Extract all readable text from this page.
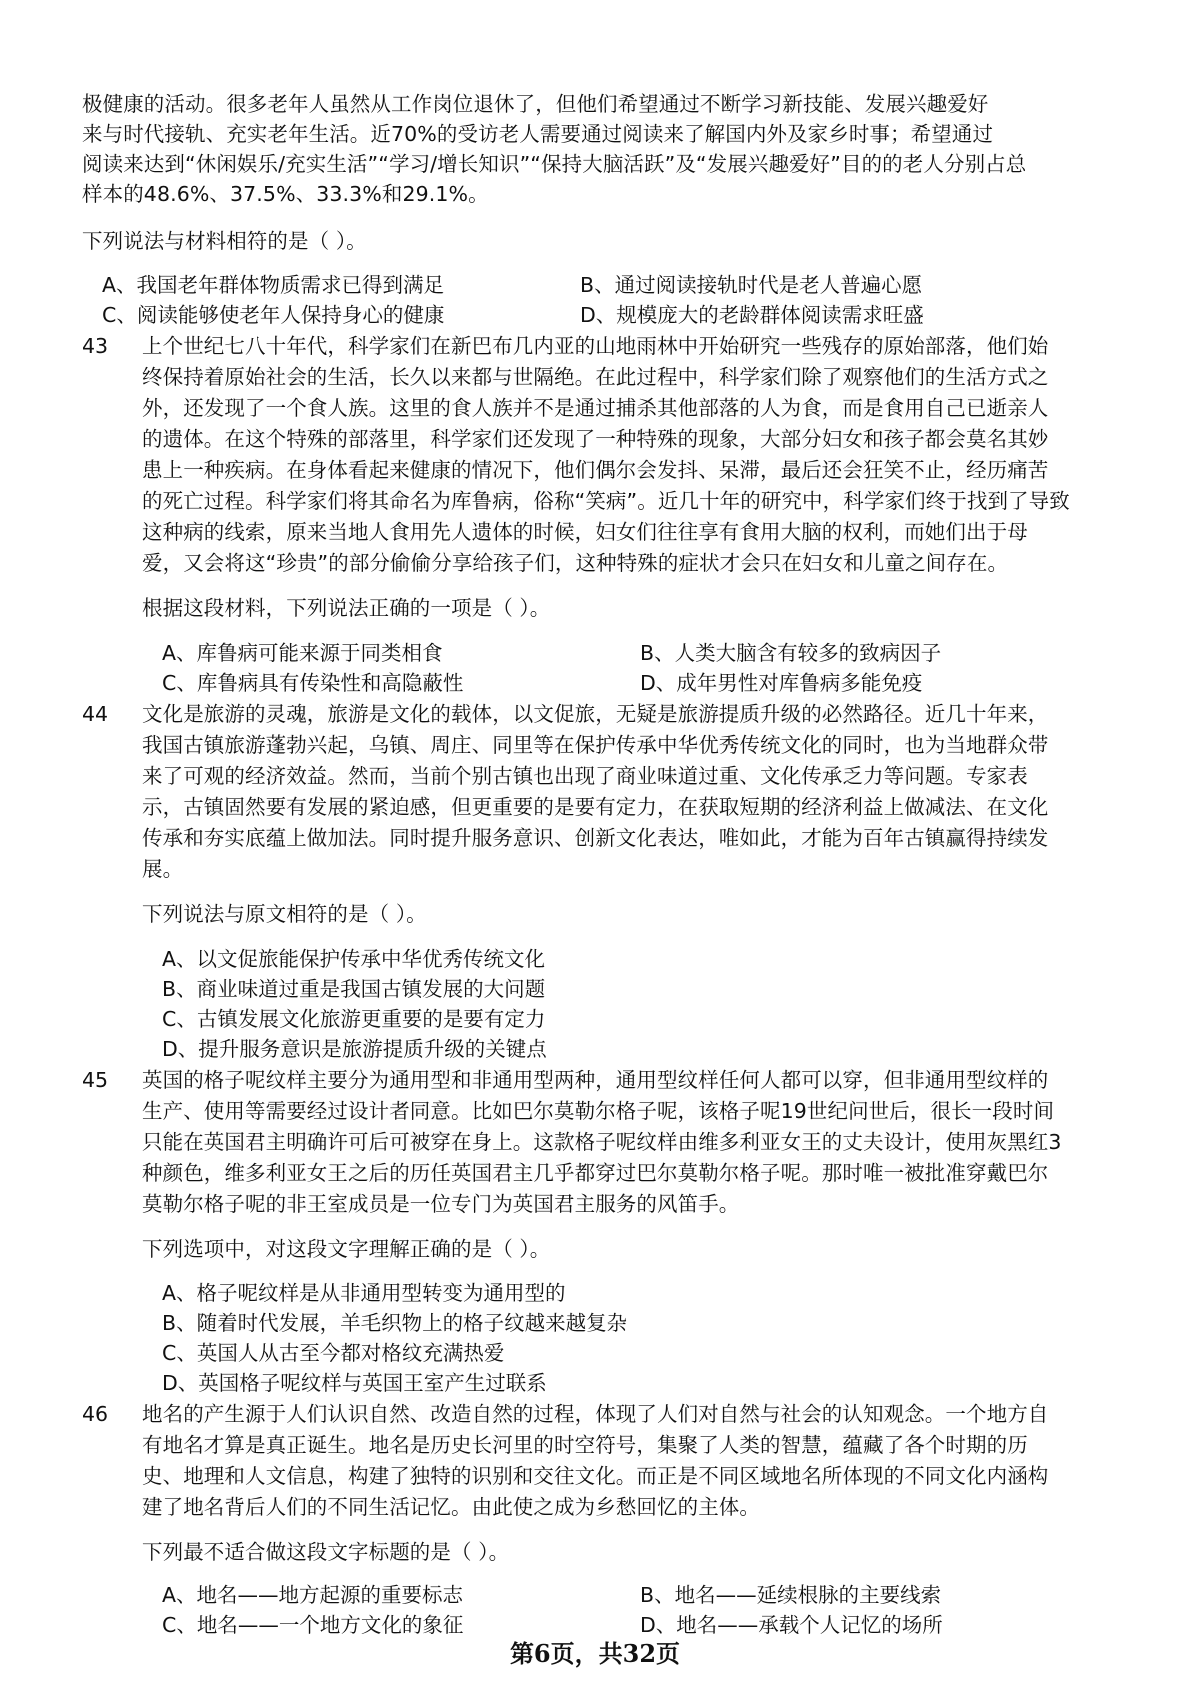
极健康的活动。很多老年人虽然从工作岗位退休了，但他们希望通过不断学习新技能、发展兴趣爱好
来与时代接轨、充实老年生活。近70%的受访老人需要通过阅读来了解国内外及家乡时事；希望通过
阅读来达到“休闲娱乐/充实生活”“学习/增长知识”“保持大脑活跃”及“发展兴趣爱好”目的的老人分别占总
样本的48.6%、37.5%、33.3%和29.1%。
下列说法与材料相符的是（ ）。
A、我国老年群体物质需求已得到满足	B、通过阅读接轨时代是老人普遍心愿
C、阅读能够使老年人保持身心的健康	D、规模庞大的老龄群体阅读需求旺盛
43 上个世纪七八十年代，科学家们在新巴布几内亚的山地雨林中开始研究一些残存的原始部落，他们始
终保持着原始社会的生活，长久以来都与世隔绝。在此过程中，科学家们除了观察他们的生活方式之
外，还发现了一个食人族。这里的食人族并不是通过捕杀其他部落的人为食，而是食用自己已逝亲人
的遗体。在这个特殊的部落里，科学家们还发现了一种特殊的现象，大部分妇女和孩子都会莫名其妙
患上一种疾病。在身体看起来健康的情况下，他们偶尔会发抖、呆滞，最后还会狂笑不止，经历痛苦
的死亡过程。科学家们将其命名为库鲁病，俗称“笑病”。近几十年的研究中，科学家们终于找到了导致
这种病的线索，原来当地人食用先人遗体的时候，妇女们往往享有食用大脑的权利，而她们出于母
爱，又会将这“珍贵”的部分偷偷分享给孩子们，这种特殊的症状才会只在妇女和儿童之间存在。
根据这段材料，下列说法正确的一项是（ ）。
A、库鲁病可能来源于同类相食	B、人类大脑含有较多的致病因子
C、库鲁病具有传染性和高隐蔽性	D、成年男性对库鲁病多能免疫
44 文化是旅游的灵魂，旅游是文化的载体，以文促旅，无疑是旅游提质升级的必然路径。近几十年来，
我国古镇旅游蓬勃兴起，乌镇、周庄、同里等在保护传承中华优秀传统文化的同时，也为当地群众带
来了可观的经济效益。然而，当前个别古镇也出现了商业味道过重、文化传承乏力等问题。专家表
示，古镇固然要有发展的紧迫感，但更重要的是要有定力，在获取短期的经济利益上做减法、在文化
传承和夯实底蕴上做加法。同时提升服务意识、创新文化表达，唯如此，才能为百年古镇赢得持续发
展。
下列说法与原文相符的是（ ）。
A、以文促旅能保护传承中华优秀传统文化
B、商业味道过重是我国古镇发展的大问题
C、古镇发展文化旅游更重要的是要有定力
D、提升服务意识是旅游提质升级的关键点
45 英国的格子呢纹样主要分为通用型和非通用型两种，通用型纹样任何人都可以穿，但非通用型纹样的
生产、使用等需要经过设计者同意。比如巴尔莫勒尔格子呢，该格子呢19世纪问世后，很长一段时间
只能在英国君主明确许可后可被穿在身上。这款格子呢纹样由维多利亚女王的丈夫设计，使用灰黑红3
种颜色，维多利亚女王之后的历任英国君主几乎都穿过巴尔莫勒尔格子呢。那时唯一被批准穿戴巴尔
莫勒尔格子呢的非王室成员是一位专门为英国君主服务的风笛手。
下列选项中，对这段文字理解正确的是（ ）。
A、格子呢纹样是从非通用型转变为通用型的
B、随着时代发展，羊毛织物上的格子纹越来越复杂
C、英国人从古至今都对格纹充满热爱
D、英国格子呢纹样与英国王室产生过联系
46 地名的产生源于人们认识自然、改造自然的过程，体现了人们对自然与社会的认知观念。一个地方自
有地名才算是真正诞生。地名是历史长河里的时空符号，集聚了人类的智慧，蕴藏了各个时期的历
史、地理和人文信息，构建了独特的识别和交往文化。而正是不同区域地名所体现的不同文化内涵构
建了地名背后人们的不同生活记忆。由此使之成为乡愁回忆的主体。
下列最不适合做这段文字标题的是（ ）。
A、地名——地方起源的重要标志	B、地名——延续根脉的主要线索
C、地名——一个地方文化的象征	D、地名——承载个人记忆的场所
第6页，共32页
